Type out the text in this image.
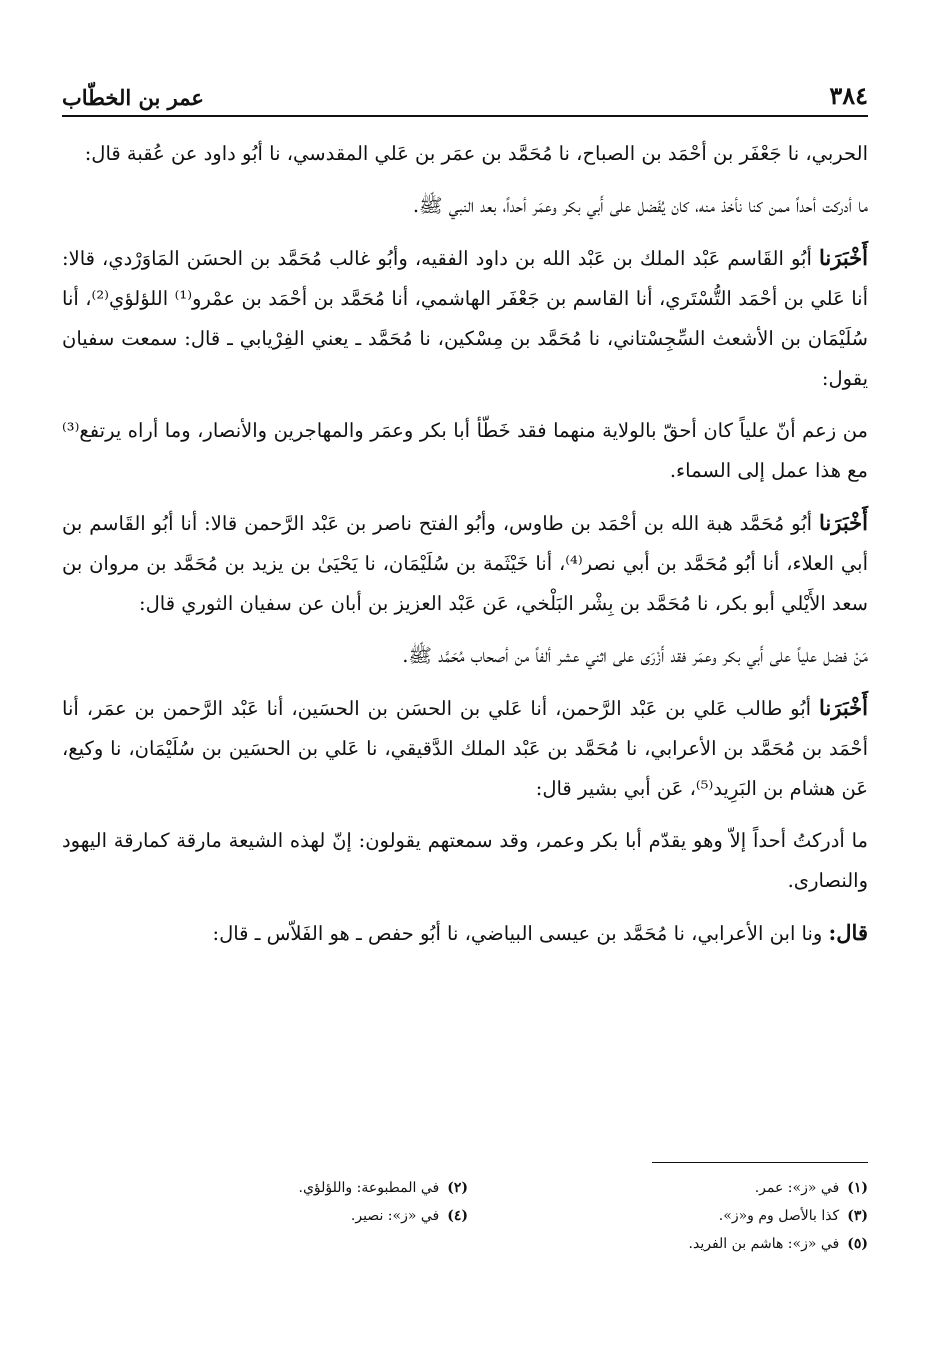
٣٨٤
عمر بن الخطّاب

الحربي، نا جَعْفَر بن أحْمَد بن الصباح، نا مُحَمَّد بن عمَر بن عَلي المقدسي، نا أبُو داود عن عُقبة قال:

ما أدركت أحداً ممن كنا نأخذ منه، كان يُفَضل على أَبي بكر وعمَر أحداً، بعد النبي ﷺ.

أَخْبَرَنا أبُو القَاسم عَبْد الملك بن عَبْد الله بن داود الفقيه، وأبُو غالب مُحَمَّد بن الحسَن المَاوَرْدي، قالا: أنا عَلي بن أحْمَد التُّسْتَري، أنا القاسم بن جَعْفَر الهاشمي، أنا مُحَمَّد بن أحْمَد بن عمْرو⁽¹⁾ اللؤلؤي⁽²⁾، أنا سُلَيْمَان بن الأشعث السِّجِسْتاني، نا مُحَمَّد بن مِسْكين، نا مُحَمَّد ـ يعني الفِرْيابي ـ قال: سمعت سفيان يقول:

من زعم أنّ علياً كان أحقّ بالولاية منهما فقد خَطّأ أبا بكر وعمَر والمهاجرين والأنصار، وما أراه يرتفع⁽³⁾ مع هذا عمل إلى السماء.

أَخْبَرَنا أبُو مُحَمَّد هبة الله بن أحْمَد بن طاوس، وأبُو الفتح ناصر بن عَبْد الرَّحمن قالا: أنا أبُو القَاسم بن أبي العلاء، أنا أبُو مُحَمَّد بن أبي نصر⁽⁴⁾، أنا خَيْثَمة بن سُلَيْمَان، نا يَحْيَىٰ بن يزيد بن مُحَمَّد بن مروان بن سعد الأَيْلي أبو بكر، نا مُحَمَّد بن بِشْر البَلْخي، عَن عَبْد العزيز بن أبان عن سفيان الثوري قال:

مَنْ فضل علياً على أَبي بكر وعمَر فقد أَزْرَى على اثني عشر ألفاً من أصحاب مُحَمَّد ﷺ.

أَخْبَرَنا أبُو طالب عَلي بن عَبْد الرَّحمن، أنا عَلي بن الحسَن بن الحسَين، أنا عَبْد الرَّحمن بن عمَر، أنا أحْمَد بن مُحَمَّد بن الأعرابي، نا مُحَمَّد بن عَبْد الملك الدَّقيقي، نا عَلي بن الحسَين بن سُلَيْمَان، نا وكيع، عَن هشام بن البَرِيد⁽⁵⁾، عَن أبي بشير قال:

ما أدركتُ أحداً إلاّ وهو يقدّم أبا بكر وعمر، وقد سمعتهم يقولون: إنّ لهذه الشيعة مارقة كمارقة اليهود والنصارى.

قال: ونا ابن الأعرابي، نا مُحَمَّد بن عيسى البياضي، نا أبُو حفص ـ هو الفَلاّس ـ قال:

(١)في «ز»: عمر.
(٢)في المطبوعة: واللؤلؤي.
(٣)كذا بالأصل وم و«ز».
(٤)في «ز»: نصير.
(٥)في «ز»: هاشم بن الفريد.
